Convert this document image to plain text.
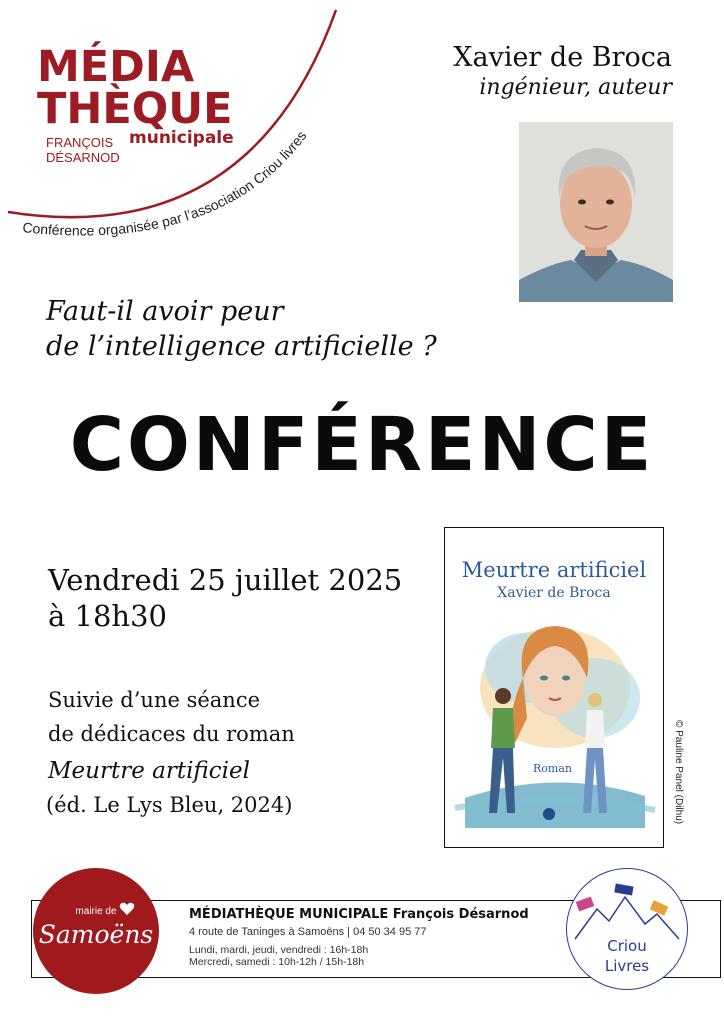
MÉDIA
THÈQUE
FRANÇOIS
DÉSARNOD
municipale
Conférence organisée par l’association Criou livres
Xavier de Broca
ingénieur, auteur
Faut-il avoir peur
de l’intelligence artificielle ?
CONFÉRENCE
Vendredi 25 juillet 2025
à 18h30
Suivie d’une séance
de dédicaces du roman
Meurtre artificiel
(éd. Le Lys Bleu, 2024)
Meurtre artificiel
Xavier de Broca
Roman	© Pauline Panel (Dilhu)
MÉDIATHÈQUE MUNICIPALE François Désarnod
4 route de Taninges à Samoëns | 04 50 34 95 77
Lundi, mardi, jeudi, vendredi : 16h-18h
Mercredi, samedi : 10h-12h / 15h-18h
mairie de
Samoëns	Criou
Livres
